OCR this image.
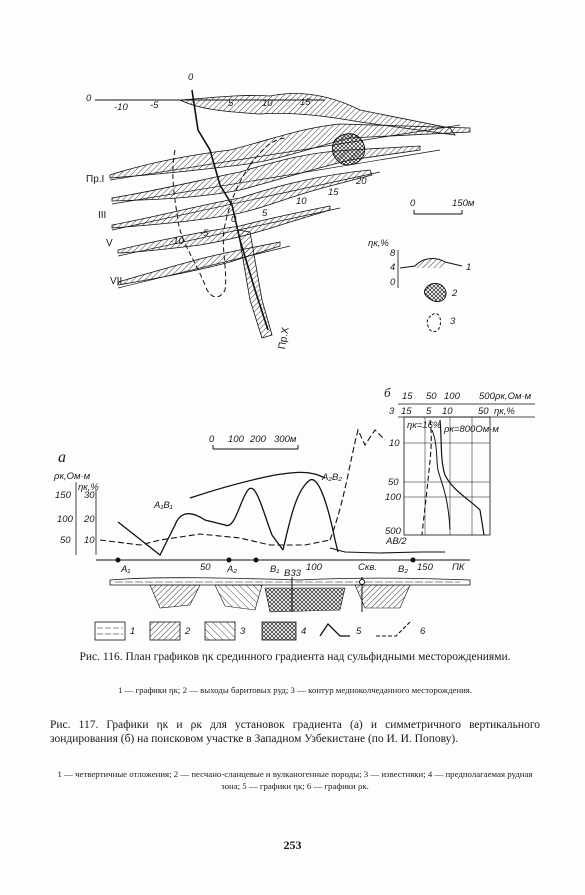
0
0
-10 -5
Пр.I
III
V
VII
Пр.X
10
15
20
-10
-5
0
5
0	150м
ηк,%
8
4
0
1
2
3
а
0 100 200 300м
ρк,Ом·м
ηк,%
150
100
50
30
20
10
A₁B₁
A₂B₂
A₁	50 A₂	B₁	100	Скв. B₂ 150 ПК
В33
б 15 50 100 500 ρк,Ом·м
3 15 5 10	50 ηк,%
10
50
100
500
АВ/2
ηк=16% ρк=800Ом·м
1	2	3	4	5	6
Рис. 116. План графиков ηк срединного градиента над сульфидными месторождениями.
1 — графики ηк; 2 — выходы баритовых руд; 3 — контур медноколчеданного месторождения.
Рис. 117. Графики ηк и ρк для установок градиента (а) и симметричного вертикального зондирования (б) на поисковом участке в Западном Узбекистане (по И. И. Попову).
1 — четвертичные отложения; 2 — песчано-сланцевые и вулканогенные породы; 3 — известняки; 4 — предполагаемая рудная зона; 5 — графики ηк; 6 — графики ρк.
253
